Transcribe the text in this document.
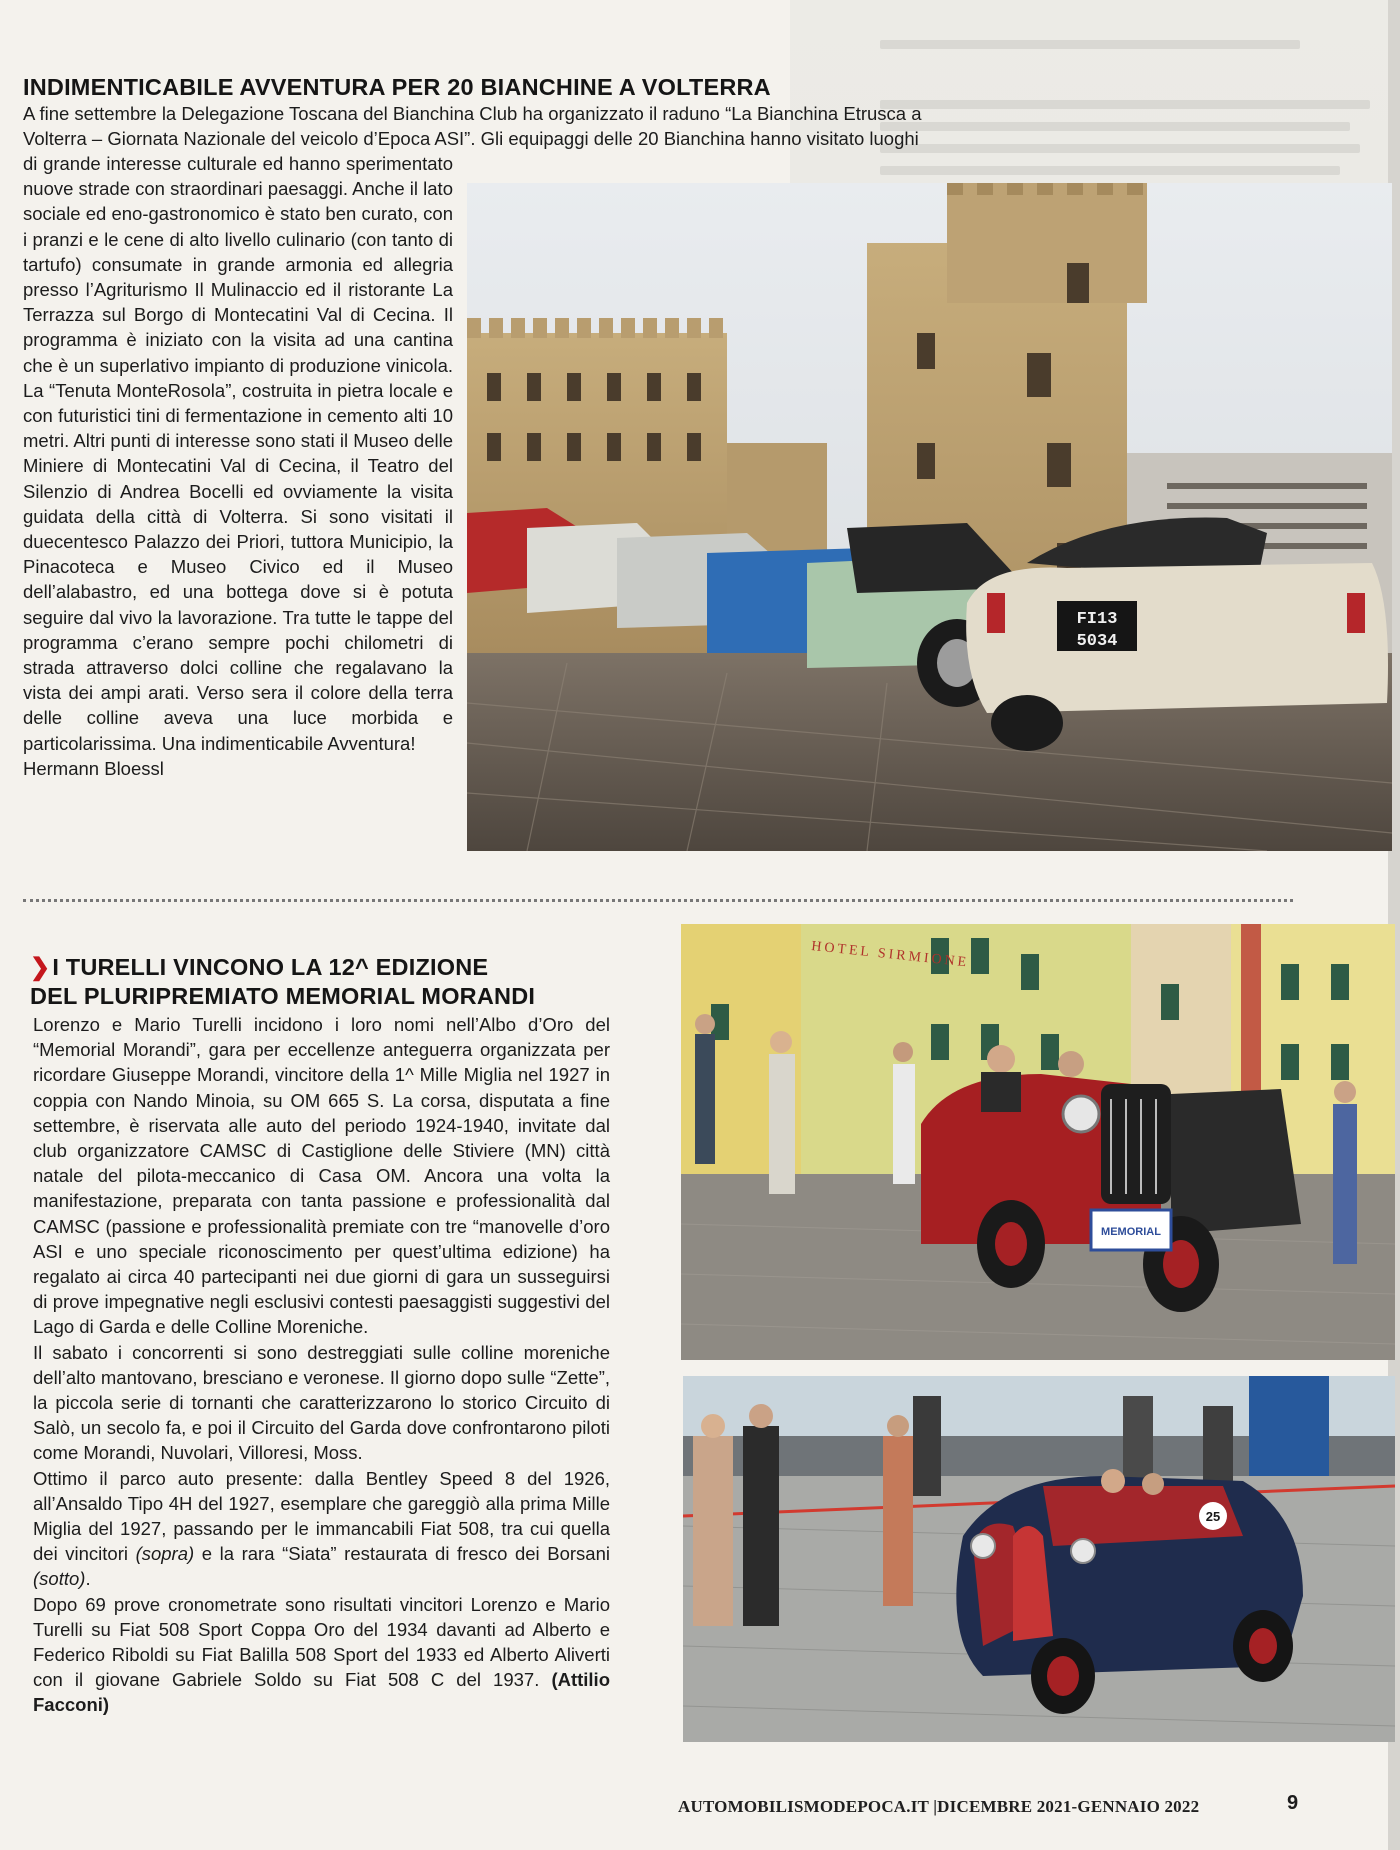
INDIMENTICABILE AVVENTURA PER 20 BIANCHINE A VOLTERRA
A fine settembre la Delegazione Toscana del Bianchina Club ha organizzato il raduno “La Bianchina Etrusca a Volterra – Giornata Nazionale del veicolo d’Epoca ASI”. Gli equipaggi delle 20 Bianchina hanno visitato luoghi

di grande interesse culturale ed hanno sperimentato nuove strade con straordinari paesaggi. Anche il lato sociale ed eno-gastronomico è stato ben curato, con i pranzi e le cene di alto livello culinario (con tanto di tartufo) consumate in grande armonia ed allegria presso l’Agriturismo Il Mulinaccio ed il ristorante La Terrazza sul Borgo di Montecatini Val di Cecina. Il programma è iniziato con la visita ad una cantina che è un superlativo impianto di produzione vinicola. La “Tenuta MonteRosola”, costruita in pietra locale e con futuristici tini di fermentazione in cemento alti 10 metri. Altri punti di interesse sono stati il Museo delle Miniere di Montecatini Val di Cecina, il Teatro del Silenzio di Andrea Bocelli ed ovviamente la visita guidata della città di Volterra. Si sono visitati il duecentesco Palazzo dei Priori, tuttora Municipio, la Pinacoteca e Museo Civico ed il Museo dell’alabastro, ed una bottega dove si è potuta seguire dal vivo la lavorazione. Tra tutte le tappe del programma c’erano sempre pochi chilometri di strada attraverso dolci colline che regalavano la vista dei ampi arati. Verso sera il colore della terra delle colline aveva una luce morbida e particolarissima. Una indimenticabile Avventura!

Hermann Bloessl

FI13
5034
❯I TURELLI VINCONO LA 12^ EDIZIONE
DEL PLURIPREMIATO MEMORIAL MORANDI

Lorenzo e Mario Turelli incidono i loro nomi nell’Albo d’Oro del “Memorial Morandi”, gara per eccellenze anteguerra organizzata per ricordare Giuseppe Morandi, vincitore della 1^ Mille Miglia nel 1927 in coppia con Nando Minoia, su OM 665 S. La corsa, disputata a fine settembre, è riservata alle auto del periodo 1924-1940, invitate dal club organizzatore CAMSC di Castiglione delle Stiviere (MN) città natale del pilota-meccanico di Casa OM. Ancora una volta la manifestazione, preparata con tanta passione e professionalità dal CAMSC (passione e professionalità premiate con tre “manovelle d’oro ASI e uno speciale riconoscimento per quest’ultima edizione) ha regalato ai circa 40 partecipanti nei due giorni di gara un susseguirsi di prove impegnative negli esclusivi contesti paesaggisti suggestivi del Lago di Garda e delle Colline Moreniche.

Il sabato i concorrenti si sono destreggiati sulle colline moreniche dell’alto mantovano, bresciano e veronese. Il giorno dopo sulle “Zette”, la piccola serie di tornanti che caratterizzarono lo storico Circuito di Salò, un secolo fa, e poi il Circuito del Garda dove confrontarono piloti come Morandi, Nuvolari, Villoresi, Moss.

Ottimo il parco auto presente: dalla Bentley Speed 8 del 1926, all’Ansaldo Tipo 4H del 1927, esemplare che gareggiò alla prima Mille Miglia del 1927, passando per le immancabili Fiat 508, tra cui quella dei vincitori (sopra) e la rara “Siata” restaurata di fresco dei Borsani (sotto).

Dopo 69 prove cronometrate sono risultati vincitori Lorenzo e Mario Turelli su Fiat 508 Sport Coppa Oro del 1934 davanti ad Alberto e Federico Riboldi su Fiat Balilla 508 Sport del 1933 ed Alberto Aliverti con il giovane Gabriele Soldo su Fiat 508 C del 1937. (Attilio Facconi)

HOTEL SIRMIONE
MEMORIAL
25
AUTOMOBILISMODEPOCA.IT |DICEMBRE 2021-GENNAIO 2022	9
